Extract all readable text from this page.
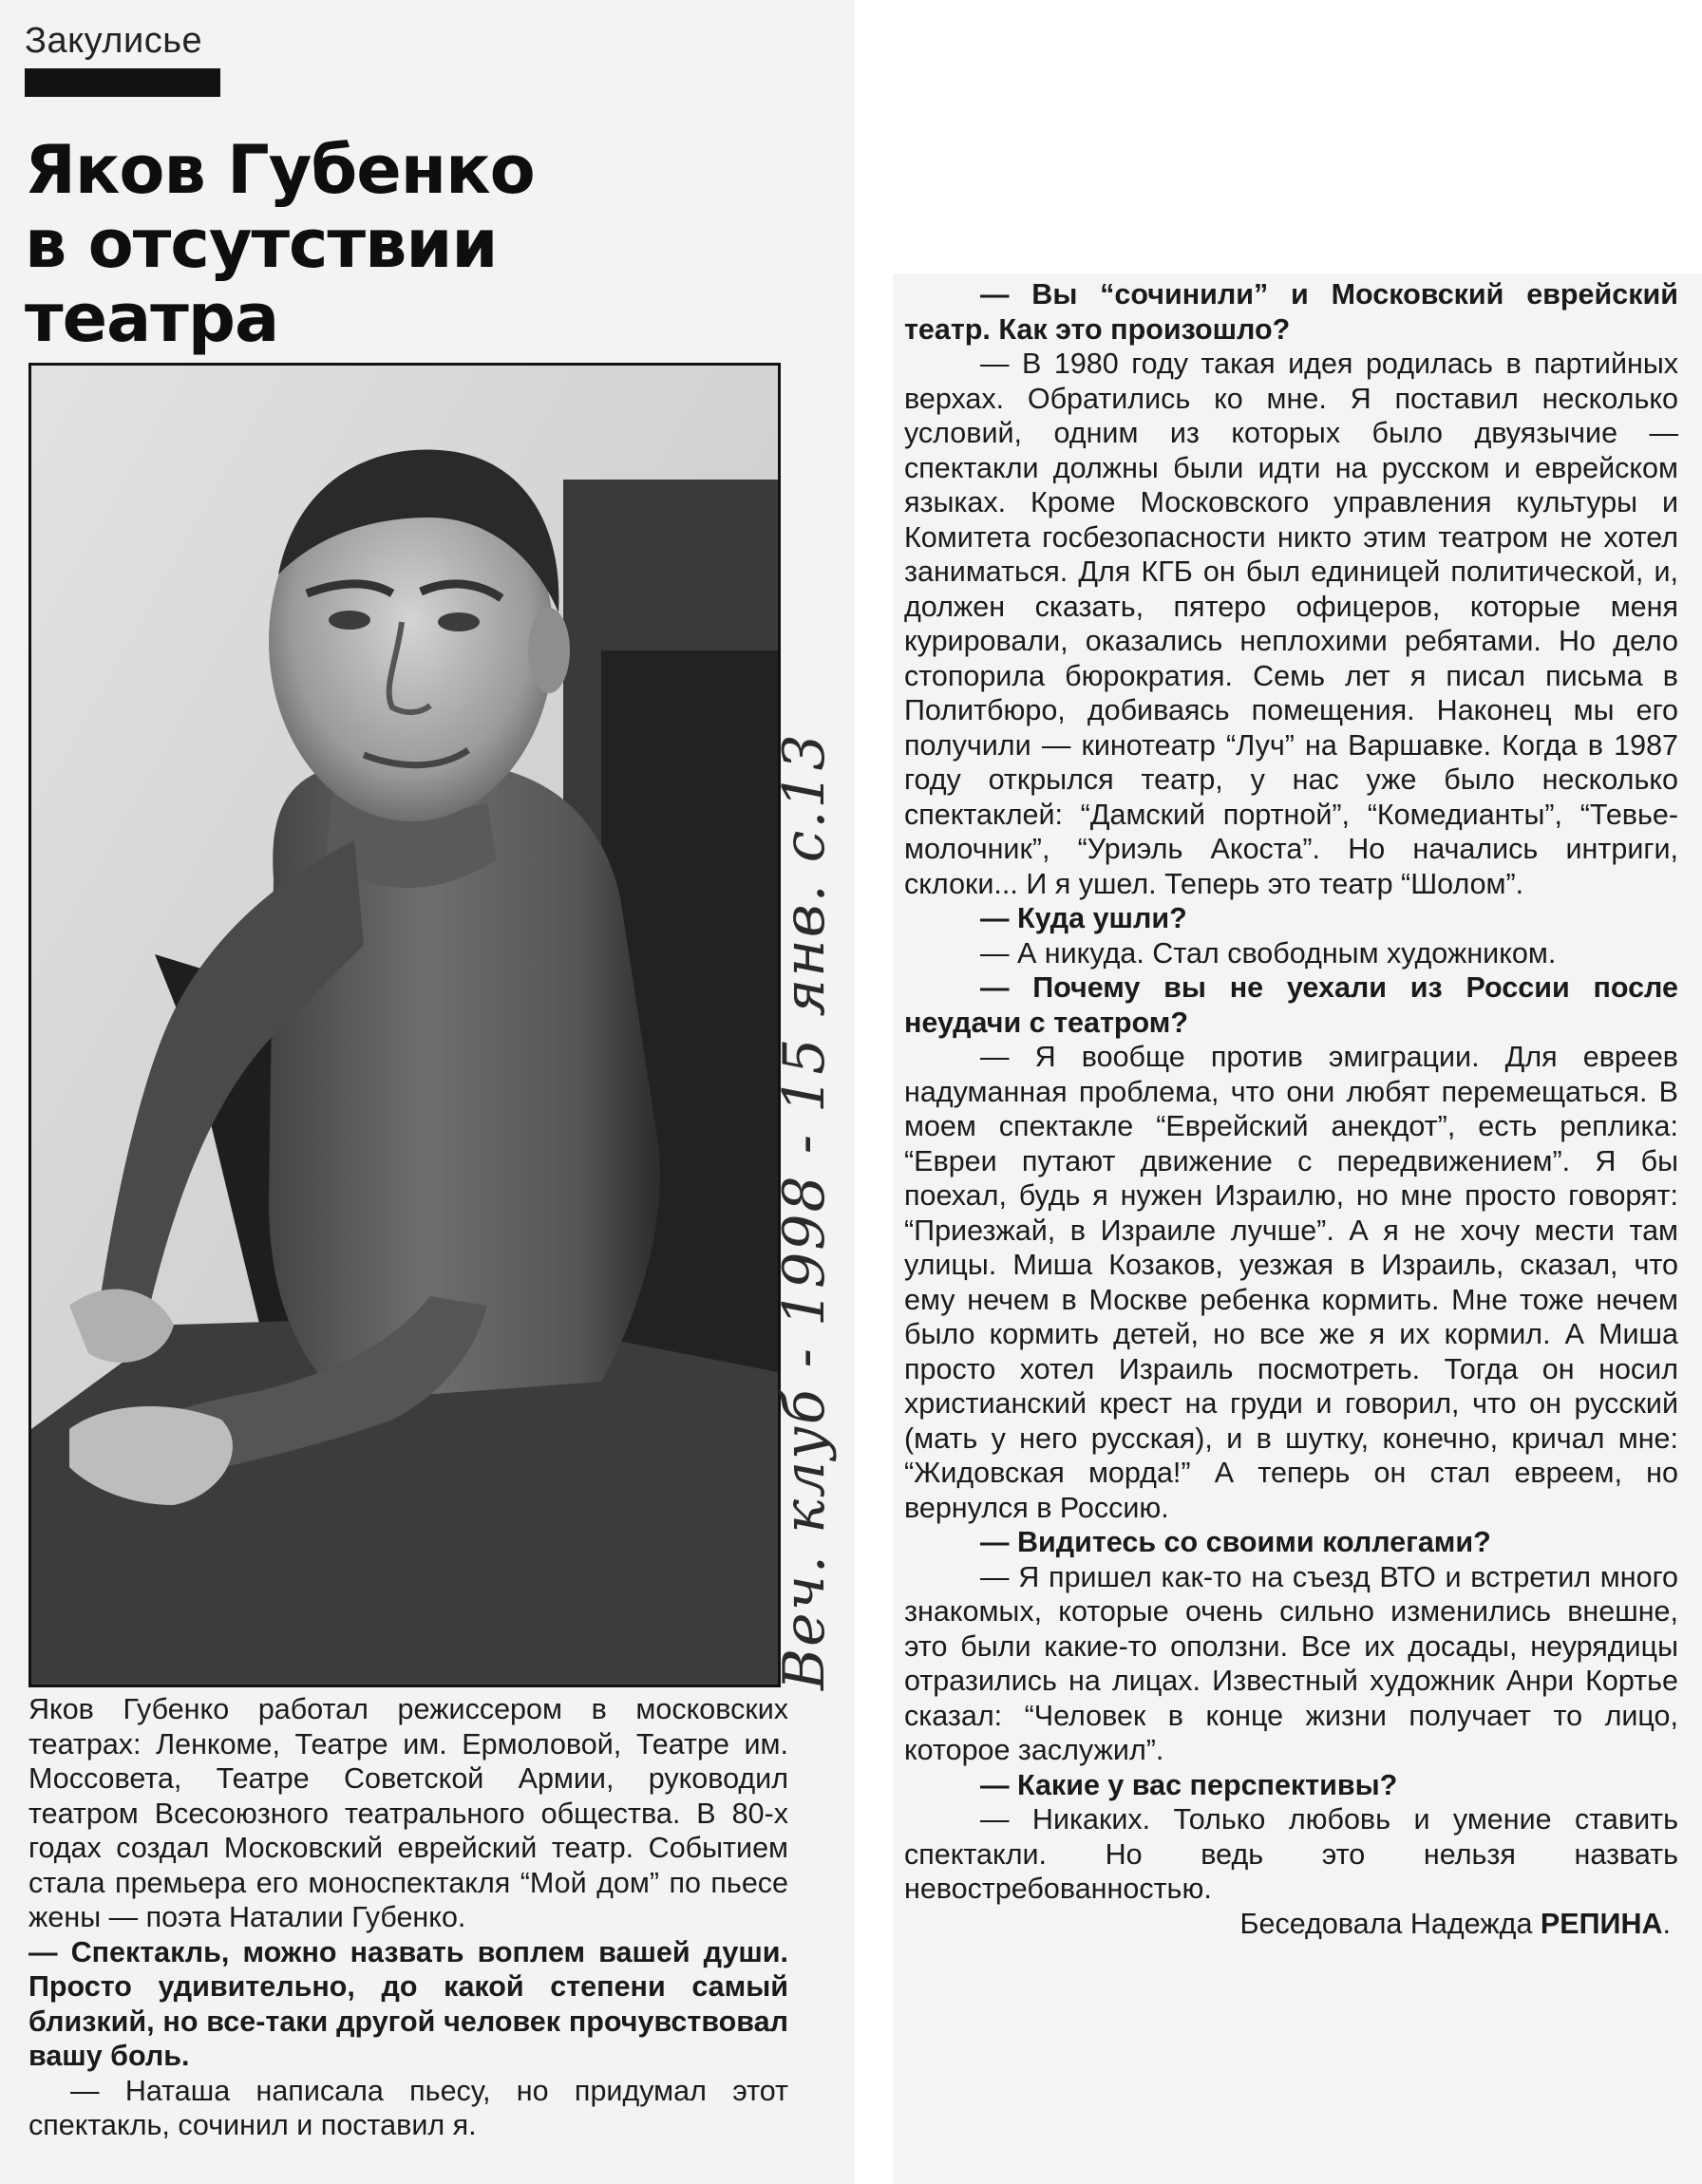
Закулисье
Яков Губенко
в отсутствии
театра

Яков Губенко работал режиссером в московских театрах: Ленкоме, Театре им. Ермоловой, Театре им. Моссовета, Театре Советской Армии, руководил театром Всесоюзного театрального общества. В 80-х годах создал Московский еврейский театр. Событием стала премьера его моноспектакля “Мой дом” по пьесе жены — поэта Наталии Губенко.

— Спектакль, можно назвать воплем вашей души. Просто удивительно, до какой степени самый близкий, но все-таки другой человек прочувствовал вашу боль.

— Наташа написала пьесу, но придумал этот спектакль, сочинил и поставил я.

— Вы “сочинили” и Московский еврейский театр. Как это произошло?

— В 1980 году такая идея родилась в партийных верхах. Обратились ко мне. Я поставил несколько условий, одним из которых было двуязычие — спектакли должны были идти на русском и еврейском языках. Кроме Московского управления культуры и Комитета госбезопасности никто этим театром не хотел заниматься. Для КГБ он был единицей политической, и, должен сказать, пятеро офицеров, которые меня курировали, оказались неплохими ребятами. Но дело стопорила бюрократия. Семь лет я писал письма в Политбюро, добиваясь помещения. Наконец мы его получили — кинотеатр “Луч” на Варшавке. Когда в 1987 году открылся театр, у нас уже было несколько спектаклей: “Дамский портной”, “Комедианты”, “Тевье-молочник”, “Уриэль Акоста”. Но начались интриги, склоки... И я ушел. Теперь это театр “Шолом”.

— Куда ушли?

— А никуда. Стал свободным художником.

— Почему вы не уехали из России после неудачи с театром?

— Я вообще против эмиграции. Для евреев надуманная проблема, что они любят перемещаться. В моем спектакле “Еврейский анекдот”, есть реплика: “Евреи путают движение с передвижением”. Я бы поехал, будь я нужен Израилю, но мне просто говорят: “Приезжай, в Израиле лучше”. А я не хочу мести там улицы. Миша Козаков, уезжая в Израиль, сказал, что ему нечем в Москве ребенка кормить. Мне тоже нечем было кормить детей, но все же я их кормил. А Миша просто хотел Израиль посмотреть. Тогда он носил христианский крест на груди и говорил, что он русский (мать у него русская), и в шутку, конечно, кричал мне: “Жидовская морда!” А теперь он стал евреем, но вернулся в Россию.

— Видитесь со своими коллегами?

— Я пришел как-то на съезд ВТО и встретил много знакомых, которые очень сильно изменились внешне, это были какие-то оползни. Все их досады, неурядицы отразились на лицах. Известный художник Анри Кортье сказал: “Человек в конце жизни получает то лицо, которое заслужил”.

— Какие у вас перспективы?

— Никаких. Только любовь и умение ставить спектакли. Но ведь это нельзя назвать невостребованностью.

Беседовала Надежда РЕПИНА.

Веч. клуб - 1998 - 15 янв. с.13
